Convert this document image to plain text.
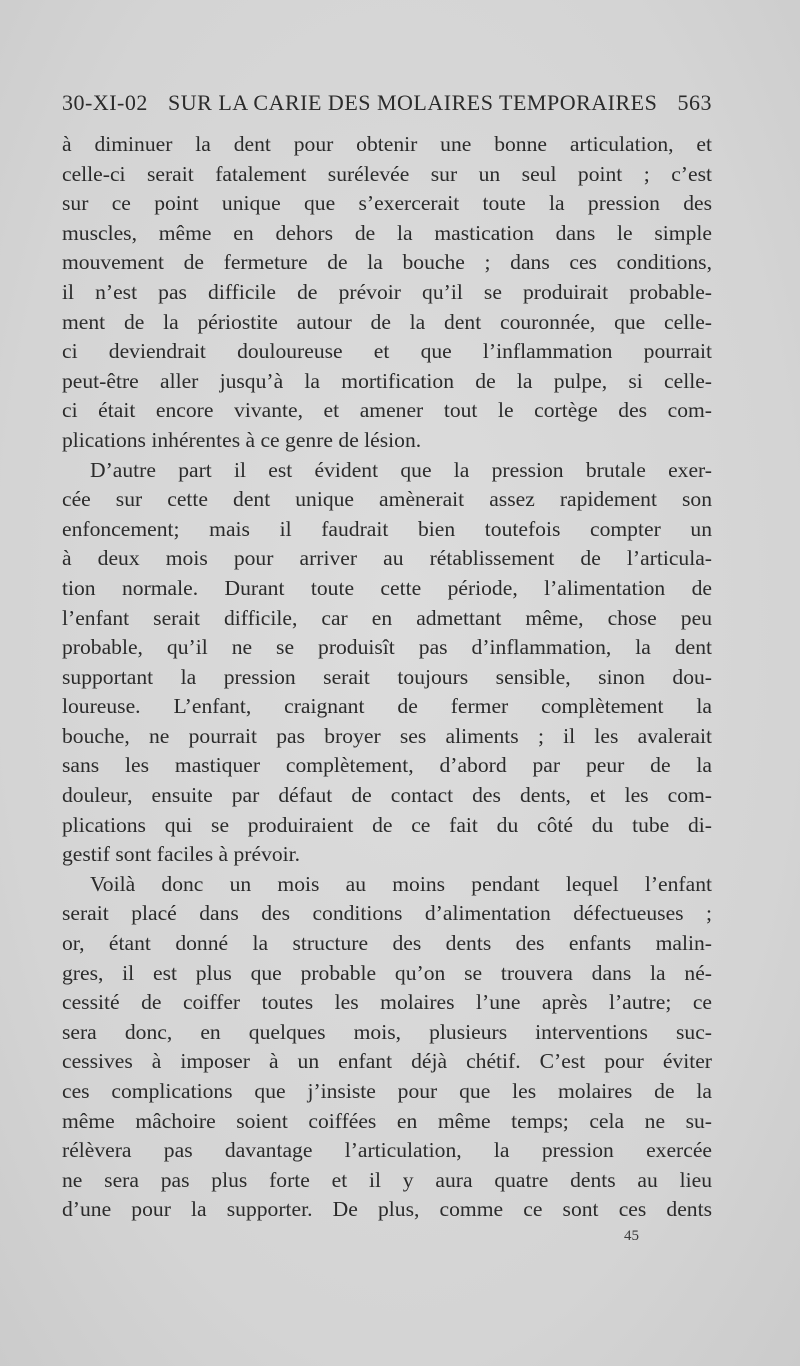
30-XI-02 SUR LA CARIE DES MOLAIRES TEMPORAIRES 563
à diminuer la dent pour obtenir une bonne articulation, et
celle-ci serait fatalement surélevée sur un seul point ; c’est
sur ce point unique que s’exercerait toute la pression des
muscles, même en dehors de la mastication dans le simple
mouvement de fermeture de la bouche ; dans ces conditions,
il n’est pas difficile de prévoir qu’il se produirait probable-
ment de la périostite autour de la dent couronnée, que celle-
ci deviendrait douloureuse et que l’inflammation pourrait
peut-être aller jusqu’à la mortification de la pulpe, si celle-
ci était encore vivante, et amener tout le cortège des com-
plications inhérentes à ce genre de lésion.
D’autre part il est évident que la pression brutale exer-
cée sur cette dent unique amènerait assez rapidement son
enfoncement; mais il faudrait bien toutefois compter un
à deux mois pour arriver au rétablissement de l’articula-
tion normale. Durant toute cette période, l’alimentation de
l’enfant serait difficile, car en admettant même, chose peu
probable, qu’il ne se produisît pas d’inflammation, la dent
supportant la pression serait toujours sensible, sinon dou-
loureuse. L’enfant, craignant de fermer complètement la
bouche, ne pourrait pas broyer ses aliments ; il les avalerait
sans les mastiquer complètement, d’abord par peur de la
douleur, ensuite par défaut de contact des dents, et les com-
plications qui se produiraient de ce fait du côté du tube di-
gestif sont faciles à prévoir.
Voilà donc un mois au moins pendant lequel l’enfant
serait placé dans des conditions d’alimentation défectueuses ;
or, étant donné la structure des dents des enfants malin-
gres, il est plus que probable qu’on se trouvera dans la né-
cessité de coiffer toutes les molaires l’une après l’autre; ce
sera donc, en quelques mois, plusieurs interventions suc-
cessives à imposer à un enfant déjà chétif. C’est pour éviter
ces complications que j’insiste pour que les molaires de la
même mâchoire soient coiffées en même temps; cela ne su-
rélèvera pas davantage l’articulation, la pression exercée
ne sera pas plus forte et il y aura quatre dents au lieu
d’une pour la supporter. De plus, comme ce sont ces dents
45
